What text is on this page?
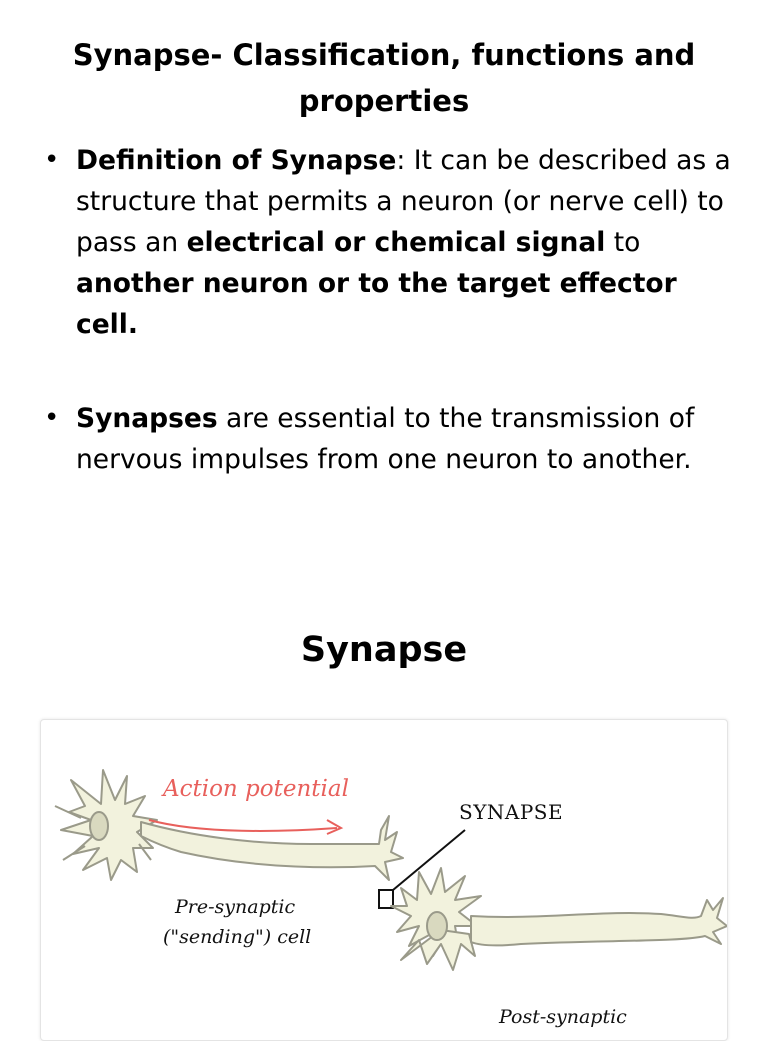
Synapse- Classification, functions and properties

• Definition of Synapse: It can be described as a structure that permits a neuron (or nerve cell) to pass an electrical or chemical signal to another neuron or to the target effector cell.

• Synapses are essential to the transmission of nervous impulses from one neuron to another.

Synapse
Action potential
SYNAPSE
Pre-synaptic
("sending") cell
Post-synaptic
